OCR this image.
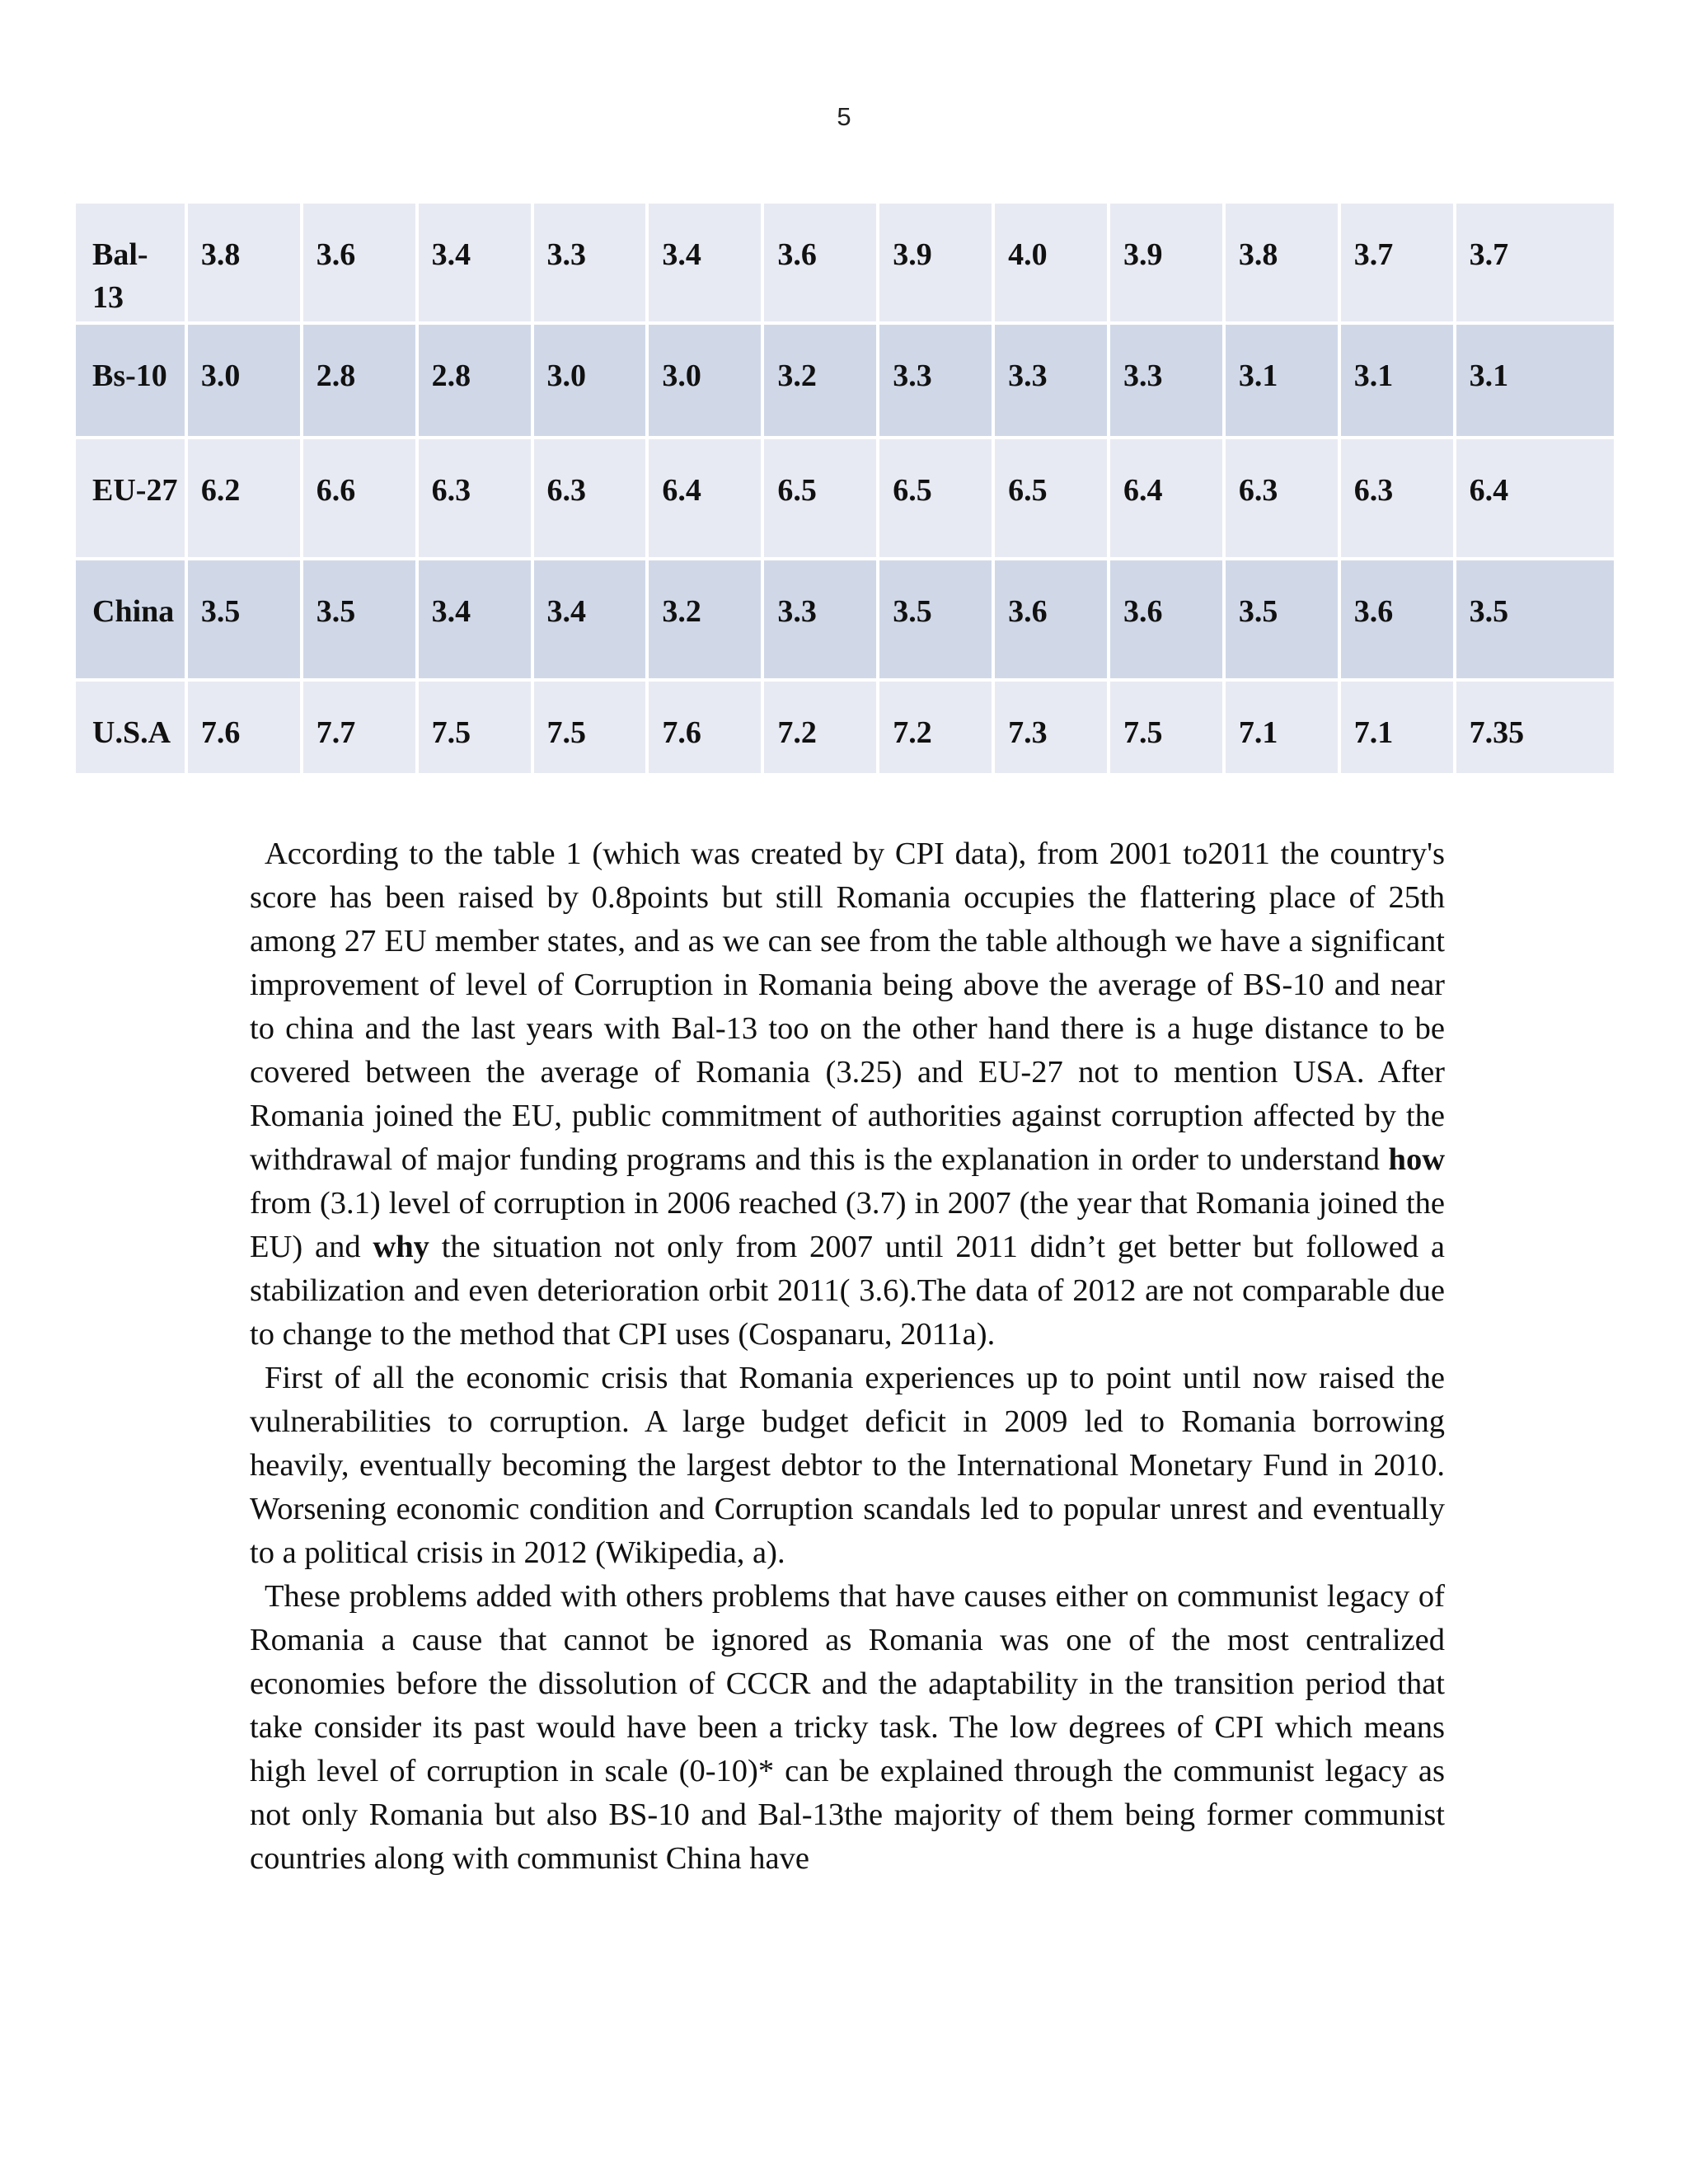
5
Bal-13	3.8	3.6	3.4	3.3	3.4	3.6	3.9	4.0	3.9	3.8	3.7	3.7
Bs-10	3.0	2.8	2.8	3.0	3.0	3.2	3.3	3.3	3.3	3.1	3.1	3.1
EU-27	6.2	6.6	6.3	6.3	6.4	6.5	6.5	6.5	6.4	6.3	6.3	6.4
China	3.5	3.5	3.4	3.4	3.2	3.3	3.5	3.6	3.6	3.5	3.6	3.5
U.S.A	7.6	7.7	7.5	7.5	7.6	7.2	7.2	7.3	7.5	7.1	7.1	7.35

According to the table 1 (which was created by CPI data), from 2001 to2011 the country's score has been raised by 0.8points but still Romania occupies the flattering place of 25th among 27 EU member states, and as we can see from the table although we have a significant improvement of level of Corruption in Romania being above the average of BS-10 and near to china and the last years with Bal-13 too on the other hand there is a huge distance to be covered between the average of Romania (3.25) and EU-27 not to mention USA. After Romania joined the EU, public commitment of authorities against corruption affected by the withdrawal of major funding programs and this is the explanation in order to understand how from (3.1) level of corruption in 2006 reached (3.7) in 2007 (the year that Romania joined the EU) and why the situation not only from 2007 until 2011 didn’t get better but followed a stabilization and even deterioration orbit 2011( 3.6).The data of 2012 are not comparable due to change to the method that CPI uses (Cospanaru, 2011a).

First of all the economic crisis that Romania experiences up to point until now raised the vulnerabilities to corruption. A large budget deficit in 2009 led to Romania borrowing heavily, eventually becoming the largest debtor to the International Monetary Fund in 2010. Worsening economic condition and Corruption scandals led to popular unrest and eventually to a political crisis in 2012 (Wikipedia, a).

These problems added with others problems that have causes either on communist legacy of Romania a cause that cannot be ignored as Romania was one of the most centralized economies before the dissolution of CCCR and the adaptability in the transition period that take consider its past would have been a tricky task. The low degrees of CPI which means high level of corruption in scale (0-10)* can be explained through the communist legacy as not only Romania but also BS-10 and Bal-13the majority of them being former communist countries along with communist China have
